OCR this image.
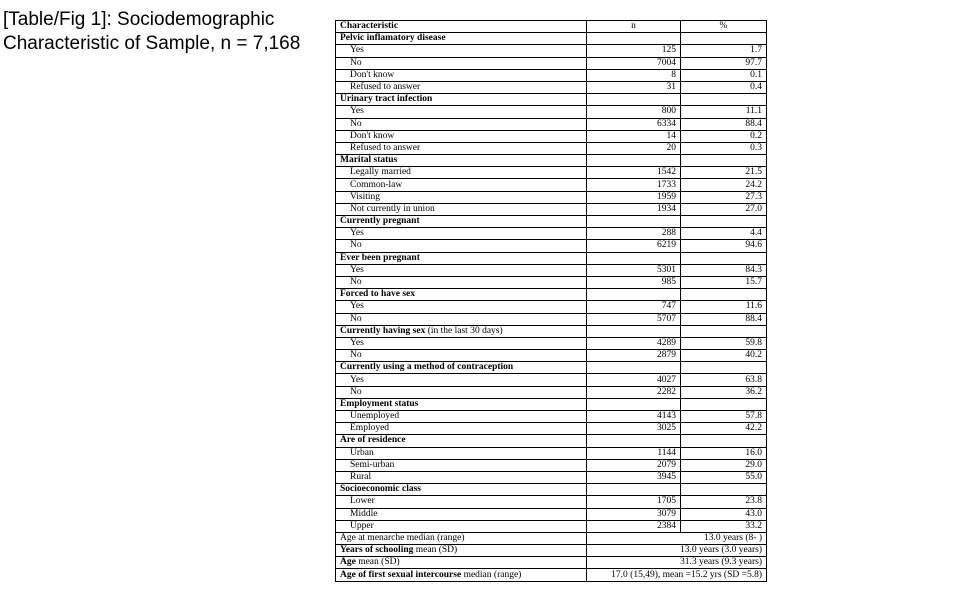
[Table/Fig 1]: Sociodemographic Characteristic of Sample, n = 7,168
Characteristic	n	%
Pelvic inflamatory disease		
Yes	125	1.7
No	7004	97.7
Don't know	8	0.1
Refused to answer	31	0.4
Urinary tract infection		
Yes	800	11.1
No	6334	88.4
Don't know	14	0.2
Refused to answer	20	0.3
Marital status		
Legally married	1542	21.5
Common-law	1733	24.2
Visiting	1959	27.3
Not currently in union	1934	27.0
Currently pregnant		
Yes	288	4.4
No	6219	94.6
Ever been pregnant		
Yes	5301	84.3
No	985	15.7
Forced to have sex		
Yes	747	11.6
No	5707	88.4
Currently having sex (in the last 30 days)		
Yes	4289	59.8
No	2879	40.2
Currently using a method of contraception		
Yes	4027	63.8
No	2282	36.2
Employment status		
Unemployed	4143	57.8
Employed	3025	42.2
Are of residence		
Urban	1144	16.0
Semi-urban	2079	29.0
Rural	3945	55.0
Socioeconomic class		
Lower	1705	23.8
Middle	3079	43.0
Upper	2384	33.2
Age at menarche median (range)	13.0 years (8- )	
Years of schooling mean (SD)	13.0 years (3.0 years)	
Age mean (SD)	31.3 years (9.3 years)	
Age of first sexual intercourse median (range)	17.0 (15,49), mean =15.2 yrs (SD =5.8)	
